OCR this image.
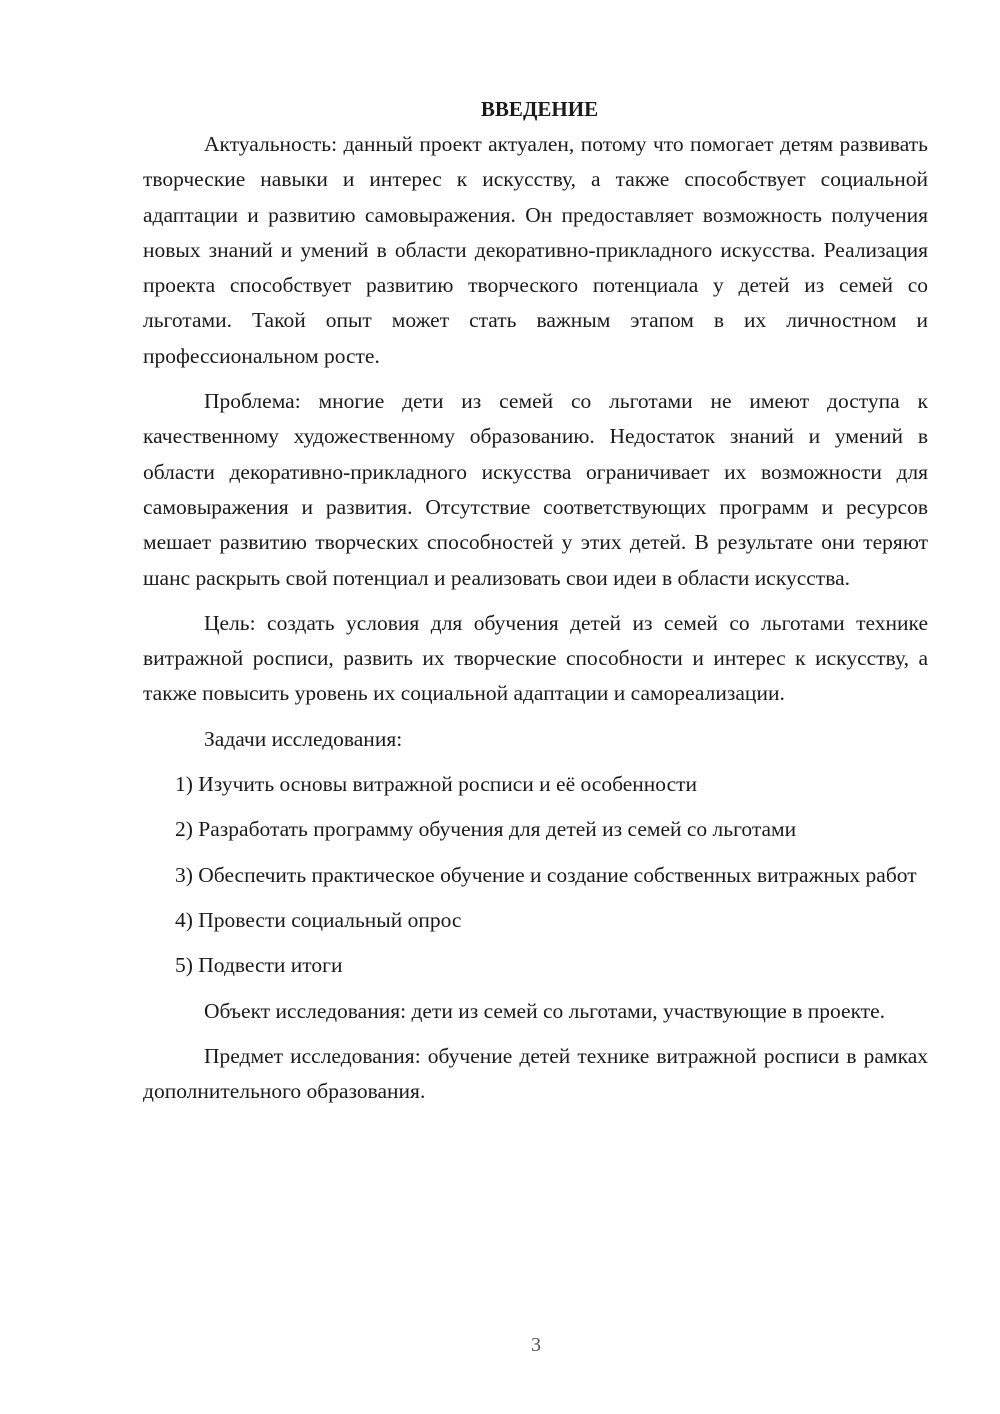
ВВЕДЕНИЕ

Актуальность: данный проект актуален, потому что помогает детям развивать творческие навыки и интерес к искусству, а также способствует социальной адаптации и развитию самовыражения. Он предоставляет возможность получения новых знаний и умений в области декоративно-прикладного искусства. Реализация проекта способствует развитию творческого потенциала у детей из семей со льготами. Такой опыт может стать важным этапом в их личностном и профессиональном росте.

Проблема: многие дети из семей со льготами не имеют доступа к качественному художественному образованию. Недостаток знаний и умений в области декоративно-прикладного искусства ограничивает их возможности для самовыражения и развития. Отсутствие соответствующих программ и ресурсов мешает развитию творческих способностей у этих детей. В результате они теряют шанс раскрыть свой потенциал и реализовать свои идеи в области искусства.

Цель: создать условия для обучения детей из семей со льготами технике витражной росписи, развить их творческие способности и интерес к искусству, а также повысить уровень их социальной адаптации и самореализации.

Задачи исследования:

1) Изучить основы витражной росписи и её особенности

2) Разработать программу обучения для детей из семей со льготами

3) Обеспечить практическое обучение и создание собственных витражных работ

4) Провести социальный опрос

5) Подвести итоги

Объект исследования: дети из семей со льготами, участвующие в проекте.

Предмет исследования: обучение детей технике витражной росписи в рамках дополнительного образования.

3
